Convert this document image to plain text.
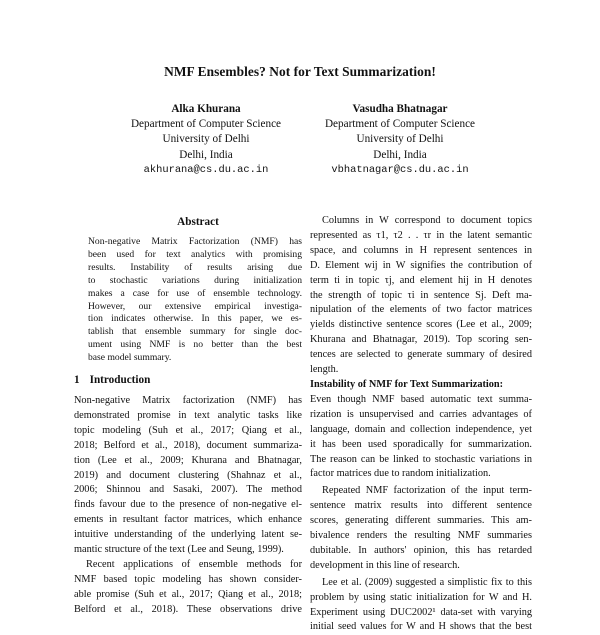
NMF Ensembles? Not for Text Summarization!
Alka Khurana
Department of Computer Science
University of Delhi
Delhi, India
akhurana@cs.du.ac.in
Vasudha Bhatnagar
Department of Computer Science
University of Delhi
Delhi, India
vbhatnagar@cs.du.ac.in
Abstract
Non-negative Matrix Factorization (NMF) has
been used for text analytics with promising
results. Instability of results arising due
to stochastic variations during initialization
makes a case for use of ensemble technology.
However, our extensive empirical investiga-
tion indicates otherwise. In this paper, we es-
tablish that ensemble summary for single doc-
ument using NMF is no better than the best
base model summary.
1 Introduction
Non-negative Matrix factorization (NMF) has
demonstrated promise in text analytic tasks like
topic modeling (Suh et al., 2017; Qiang et al.,
2018; Belford et al., 2018), document summariza-
tion (Lee et al., 2009; Khurana and Bhatnagar,
2019) and document clustering (Shahnaz et al.,
2006; Shinnou and Sasaki, 2007). The method
finds favour due to the presence of non-negative el-
ements in resultant factor matrices, which enhance
intuitive understanding of the underlying latent se-
mantic structure of the text (Lee and Seung, 1999).
Recent applications of ensemble methods for
NMF based topic modeling has shown consider-
able promise (Suh et al., 2017; Qiang et al., 2018;
Belford et al., 2018). These observations drive
Columns in W correspond to document topics
represented as τ1, τ2 . . τr in the latent semantic
space, and columns in H represent sentences in
D. Element wij in W signifies the contribution of
term ti in topic τj, and element hij in H denotes
the strength of topic τi in sentence Sj. Deft ma-
nipulation of the elements of two factor matrices
yields distinctive sentence scores (Lee et al., 2009;
Khurana and Bhatnagar, 2019). Top scoring sen-
tences are selected to generate summary of desired
length.
Instability of NMF for Text Summarization:
Even though NMF based automatic text summa-
rization is unsupervised and carries advantages of
language, domain and collection independence, yet
it has been used sporadically for summarization.
The reason can be linked to stochastic variations in
factor matrices due to random initialization.
Repeated NMF factorization of the input term-
sentence matrix results into different sentence
scores, generating different summaries. This am-
bivalence renders the resulting NMF summaries
dubitable. In authors' opinion, this has retarded
development in this line of research.
Lee et al. (2009) suggested a simplistic fix to this
problem by using static initialization for W and H.
Experiment using DUC2002¹ data-set with varying
initial seed values for W and H shows that the best
